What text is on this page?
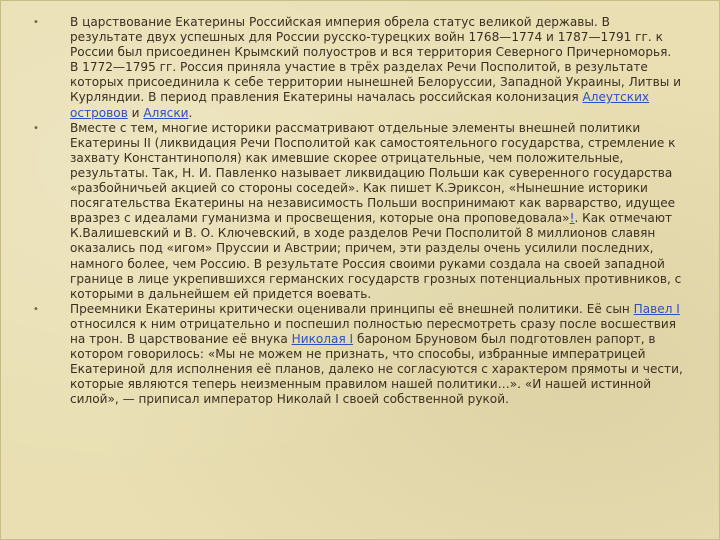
•	В царствование Екатерины Российская империя обрела статус великой державы. В результате двух успешных для России русско-турецких войн 1768—1774 и 1787—1791 гг. к России был присоединен Крымский полуостров и вся территория Северного Причерноморья. В 1772—1795 гг. Россия приняла участие в трёх разделах Речи Посполитой, в результате которых присоединила к себе территории нынешней Белоруссии, Западной Украины, Литвы и Курляндии. В период правления Екатерины началась российская колонизация Алеутских островов и Аляски.
•	Вместе с тем, многие историки рассматривают отдельные элементы внешней политики Екатерины II (ликвидация Речи Посполитой как самостоятельного государства, стремление к захвату Константинополя) как имевшие скорее отрицательные, чем положительные, результаты. Так, Н. И. Павленко называет ликвидацию Польши как суверенного государства «разбойничьей акцией со стороны соседей». Как пишет К.Эриксон, «Нынешние историки посягательства Екатерины на независимость Польши воспринимают как варварство, идущее вразрез с идеалами гуманизма и просвещения, которые она проповедовала»!. Как отмечают К.Валишевский и В. О. Ключевский, в ходе разделов Речи Посполитой 8 миллионов славян оказались под «игом» Пруссии и Австрии; причем, эти разделы очень усилили последних, намного более, чем Россию. В результате Россия своими руками создала на своей западной границе в лице укрепившихся германских государств грозных потенциальных противников, с которыми в дальнейшем ей придется воевать.
•	Преемники Екатерины критически оценивали принципы её внешней политики. Её сын Павел I относился к ним отрицательно и поспешил полностью пересмотреть сразу после восшествия на трон. В царствование её внука Николая I бароном Бруновом был подготовлен рапорт, в котором говорилось: «Мы не можем не признать, что способы, избранные императрицей Екатериной для исполнения её планов, далеко не согласуются с характером прямоты и чести, которые являются теперь неизменным правилом нашей политики…». «И нашей истинной силой», — приписал император Николай I своей собственной рукой.
